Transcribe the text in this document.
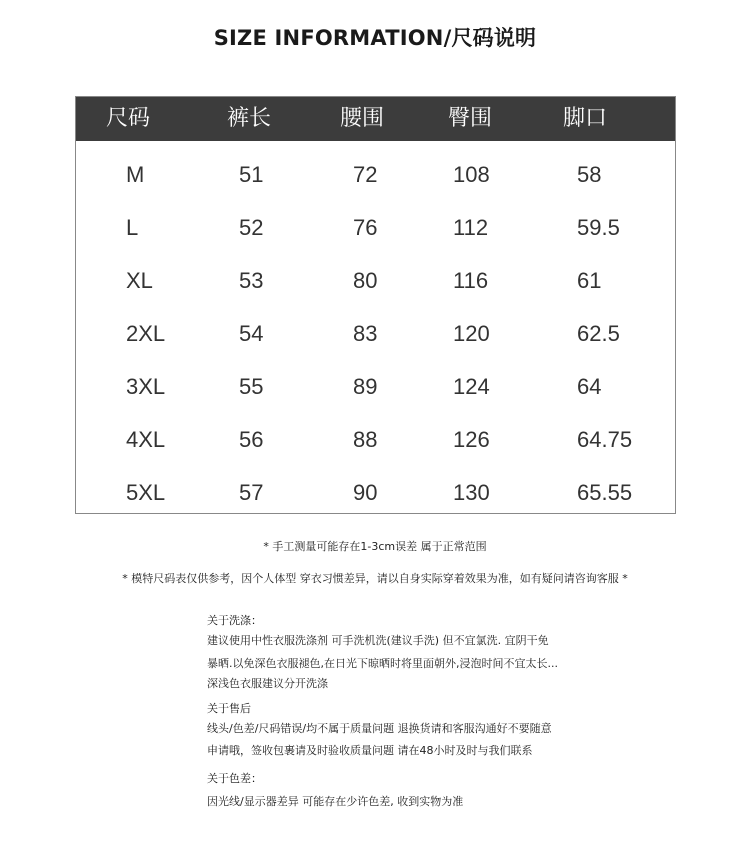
SIZE INFORMATION/尺码说明
尺码	裤长	腰围	臀围	脚口
M	51	72	108	58
L	52	76	112	59.5
XL	53	80	116	61
2XL	54	83	120	62.5
3XL	55	89	124	64
4XL	56	88	126	64.75
5XL	57	90	130	65.55
* 手工测量可能存在1-3cm误差 属于正常范围
* 模特尺码表仅供参考，因个人体型 穿衣习惯差异，请以自身实际穿着效果为准，如有疑问请咨询客服 *
关于洗涤：
建议使用中性衣服洗涤剂 可手洗机洗(建议手洗) 但不宜氯洗. 宜阴干免
暴晒.以免深色衣服褪色,在日光下晾晒时将里面朝外,浸泡时间不宜太长...
深浅色衣服建议分开洗涤
关于售后
线头/色差/尺码错误/均不属于质量问题 退换货请和客服沟通好不要随意
申请哦，签收包裹请及时验收质量问题 请在48小时及时与我们联系
关于色差：
因光线/显示器差异 可能存在少许色差, 收到实物为准
